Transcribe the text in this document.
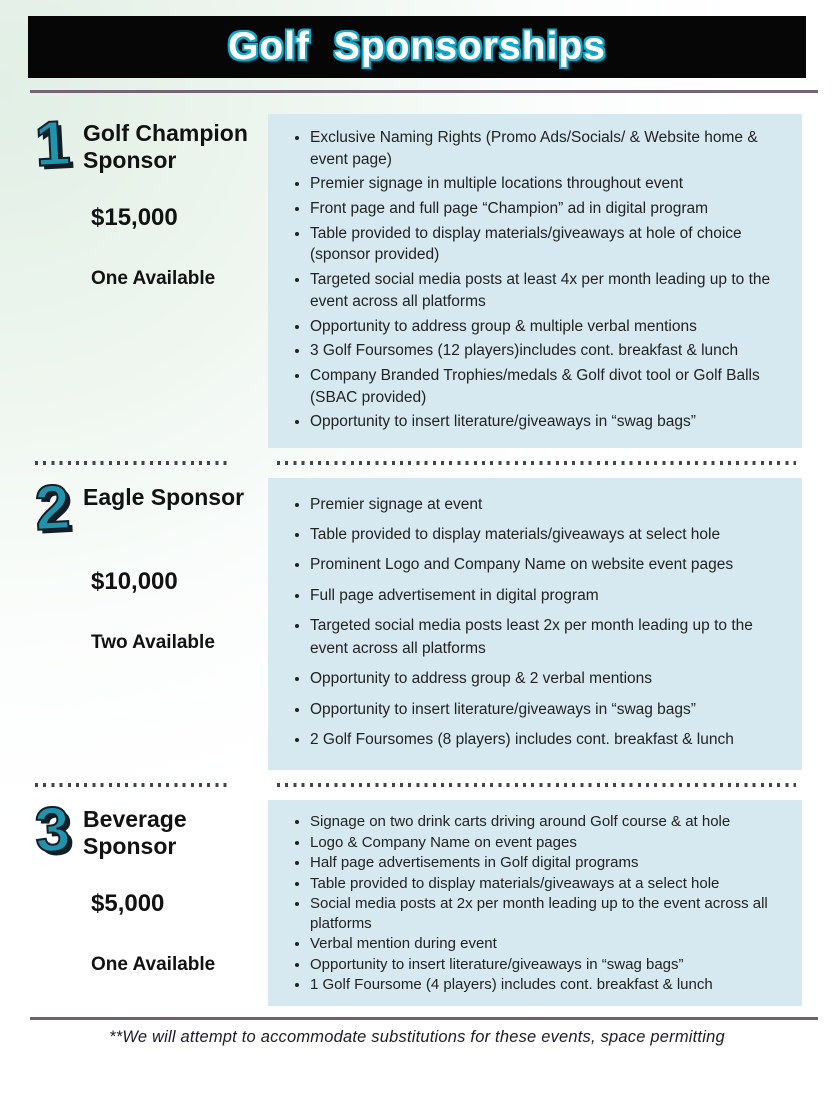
Golf Sponsorships
1 Golf Champion Sponsor
$15,000
One Available
• Exclusive Naming Rights (Promo Ads/Socials/ & Website home & event page)
• Premier signage in multiple locations throughout event
• Front page and full page “Champion” ad in digital program
• Table provided to display materials/giveaways at hole of choice (sponsor provided)
• Targeted social media posts at least 4x per month leading up to the event across all platforms
• Opportunity to address group & multiple verbal mentions
• 3 Golf Foursomes (12 players)includes cont. breakfast & lunch
• Company Branded Trophies/medals & Golf divot tool or Golf Balls (SBAC provided)
• Opportunity to insert literature/giveaways in “swag bags”
2 Eagle Sponsor
$10,000
Two Available
• Premier signage at event
• Table provided to display materials/giveaways at select hole
• Prominent Logo and Company Name on website event pages
• Full page advertisement in digital program
• Targeted social media posts least 2x per month leading up to the event across all platforms
• Opportunity to address group & 2 verbal mentions
• Opportunity to insert literature/giveaways in “swag bags”
• 2 Golf Foursomes (8 players) includes cont. breakfast & lunch
3 Beverage Sponsor
$5,000
One Available
• Signage on two drink carts driving around Golf course & at hole
• Logo & Company Name on event pages
• Half page advertisements in Golf digital programs
• Table provided to display materials/giveaways at a select hole
• Social media posts at 2x per month leading up to the event across all platforms
• Verbal mention during event
• Opportunity to insert literature/giveaways in “swag bags”
• 1 Golf Foursome (4 players) includes cont. breakfast & lunch
**We will attempt to accommodate substitutions for these events, space permitting
